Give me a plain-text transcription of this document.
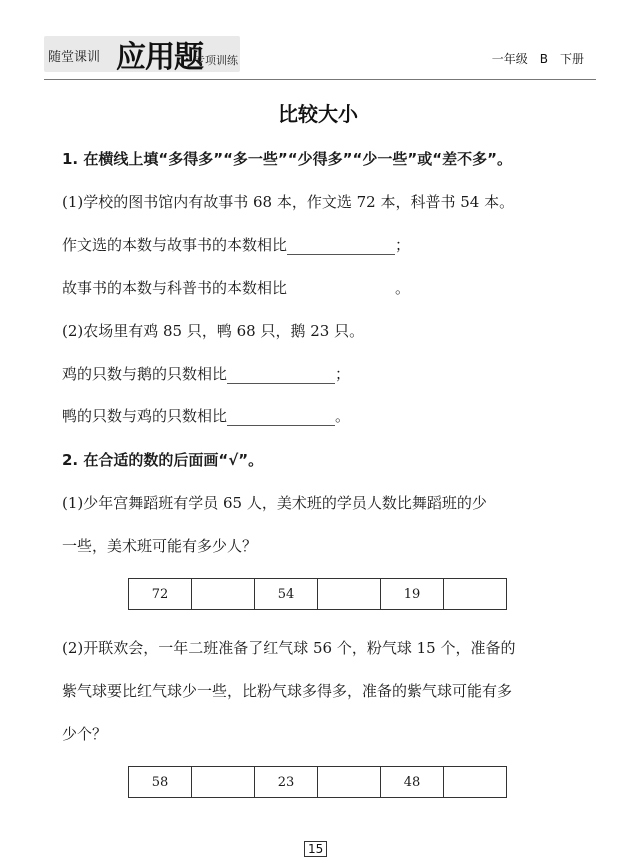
随堂课训 应用题
专项训练	一年级　B　下册
比较大小
1. 在横线上填“多得多”“多一些”“少得多”“少一些”或“差不多”。
(1)学校的图书馆内有故事书 68 本，作文选 72 本，科普书 54 本。
作文选的本数与故事书的本数相比	；
故事书的本数与科普书的本数相比	。
(2)农场里有鸡 85 只，鸭 68 只，鹅 23 只。
鸡的只数与鹅的只数相比	；
鸭的只数与鸡的只数相比	。
2. 在合适的数的后面画“√”。
(1)少年宫舞蹈班有学员 65 人，美术班的学员人数比舞蹈班的少
一些，美术班可能有多少人？
72		54		19	
(2)开联欢会，一年二班准备了红气球 56 个，粉气球 15 个，准备的
紫气球要比红气球少一些，比粉气球多得多，准备的紫气球可能有多
少个？
58		23		48	
15
